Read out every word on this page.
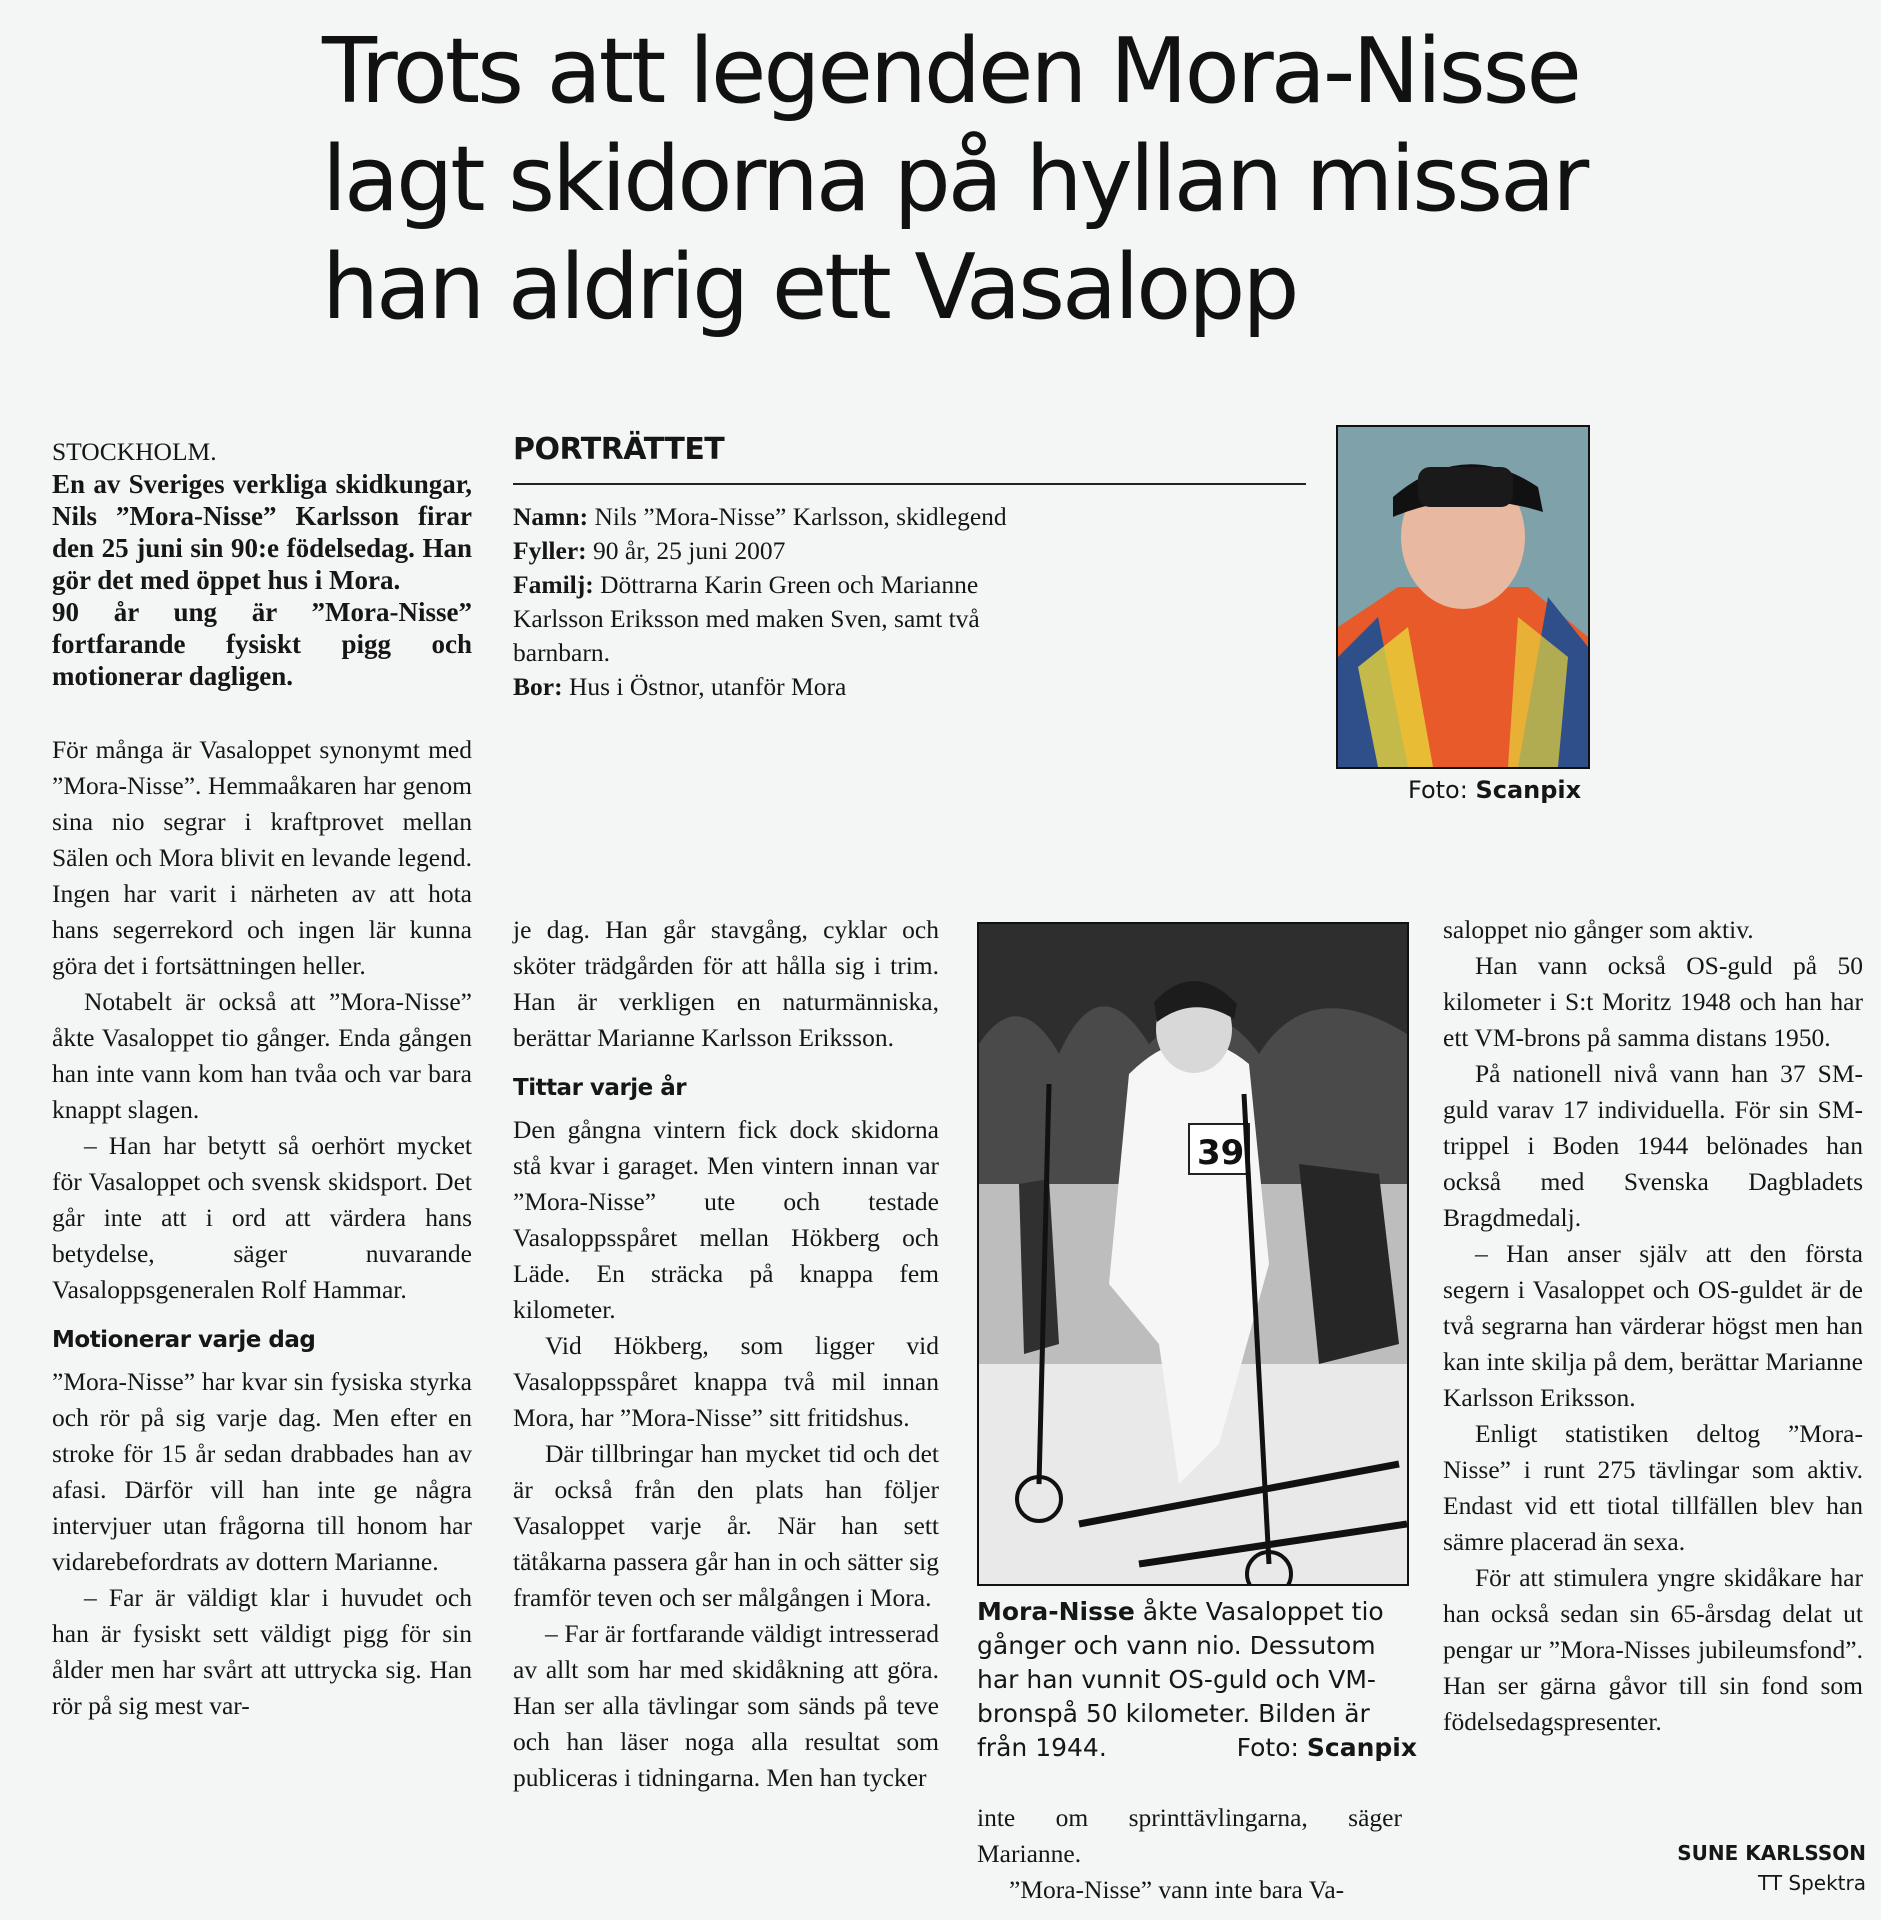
Trots att legenden Mora-Nisse lagt skidorna på hyllan missar han aldrig ett Vasalopp
STOCKHOLM.
En av Sveriges verkliga skidkungar, Nils ”Mora-Nisse” Karlsson firar den 25 juni sin 90:e födelsedag. Han gör det med öppet hus i Mora.
90 år ung är ”Mora-Nisse” fortfarande fysiskt pigg och motionerar dagligen.

För många är Vasaloppet synonymt med ”Mora-Nisse”. Hemmaåkaren har genom sina nio segrar i kraftprovet mellan Sälen och Mora blivit en levande legend. Ingen har varit i närheten av att hota hans segerrekord och ingen lär kunna göra det i fortsättningen heller.

Notabelt är också att ”Mora-Nisse” åkte Vasaloppet tio gånger. Enda gången han inte vann kom han tvåa och var bara knappt slagen.

– Han har betytt så oerhört mycket för Vasaloppet och svensk skidsport. Det går inte att i ord att värdera hans betydelse, säger nuvarande Vasaloppsgeneralen Rolf Hammar.

Motionerar varje dag

”Mora-Nisse” har kvar sin fysiska styrka och rör på sig varje dag. Men efter en stroke för 15 år sedan drabbades han av afasi. Därför vill han inte ge några intervjuer utan frågorna till honom har vidarebefordrats av dottern Marianne.

– Far är väldigt klar i huvudet och han är fysiskt sett väldigt pigg för sin ålder men har svårt att uttrycka sig. Han rör på sig mest var-

PORTRÄTTET
Namn: Nils ”Mora-Nisse” Karlsson, skidlegend
Fyller: 90 år, 25 juni 2007
Familj: Döttrarna Karin Green och Marianne Karlsson Eriksson med maken Sven, samt två barnbarn.
Bor: Hus i Östnor, utanför Mora
Foto: Scanpix

je dag. Han går stavgång, cyklar och sköter trädgården för att hålla sig i trim. Han är verkligen en naturmänniska, berättar Marianne Karlsson Eriksson.

Tittar varje år

Den gångna vintern fick dock skidorna stå kvar i garaget. Men vintern innan var ”Mora-Nisse” ute och testade Vasaloppsspåret mellan Hökberg och Läde. En sträcka på knappa fem kilometer.

Vid Hökberg, som ligger vid Vasaloppsspåret knappa två mil innan Mora, har ”Mora-Nisse” sitt fritidshus.

Där tillbringar han mycket tid och det är också från den plats han följer Vasaloppet varje år. När han sett tätåkarna passera går han in och sätter sig framför teven och ser målgången i Mora.

– Far är fortfarande väldigt intresserad av allt som har med skidåkning att göra. Han ser alla tävlingar som sänds på teve och han läser noga alla resultat som publiceras i tidningarna. Men han tycker

39
Mora-Nisse åkte Vasaloppet tio gånger och vann nio. Dessutom har han vunnit OS-guld och VM-bronspå 50 kilometer. Bilden är från 1944.	Foto: Scanpix

inte om sprinttävlingarna, säger Marianne.

”Mora-Nisse” vann inte bara Va-

saloppet nio gånger som aktiv.

Han vann också OS-guld på 50 kilometer i S:t Moritz 1948 och han har ett VM-brons på samma distans 1950.

På nationell nivå vann han 37 SM-guld varav 17 individuella. För sin SM-trippel i Boden 1944 belönades han också med Svenska Dagbladets Bragdmedalj.

– Han anser själv att den första segern i Vasaloppet och OS-guldet är de två segrarna han värderar högst men han kan inte skilja på dem, berättar Marianne Karlsson Eriksson.

Enligt statistiken deltog ”Mora-Nisse” i runt 275 tävlingar som aktiv. Endast vid ett tiotal tillfällen blev han sämre placerad än sexa.

För att stimulera yngre skidåkare har han också sedan sin 65-årsdag delat ut pengar ur ”Mora-Nisses jubileumsfond”. Han ser gärna gåvor till sin fond som födelsedagspresenter.

SUNE KARLSSON
TT Spektra
